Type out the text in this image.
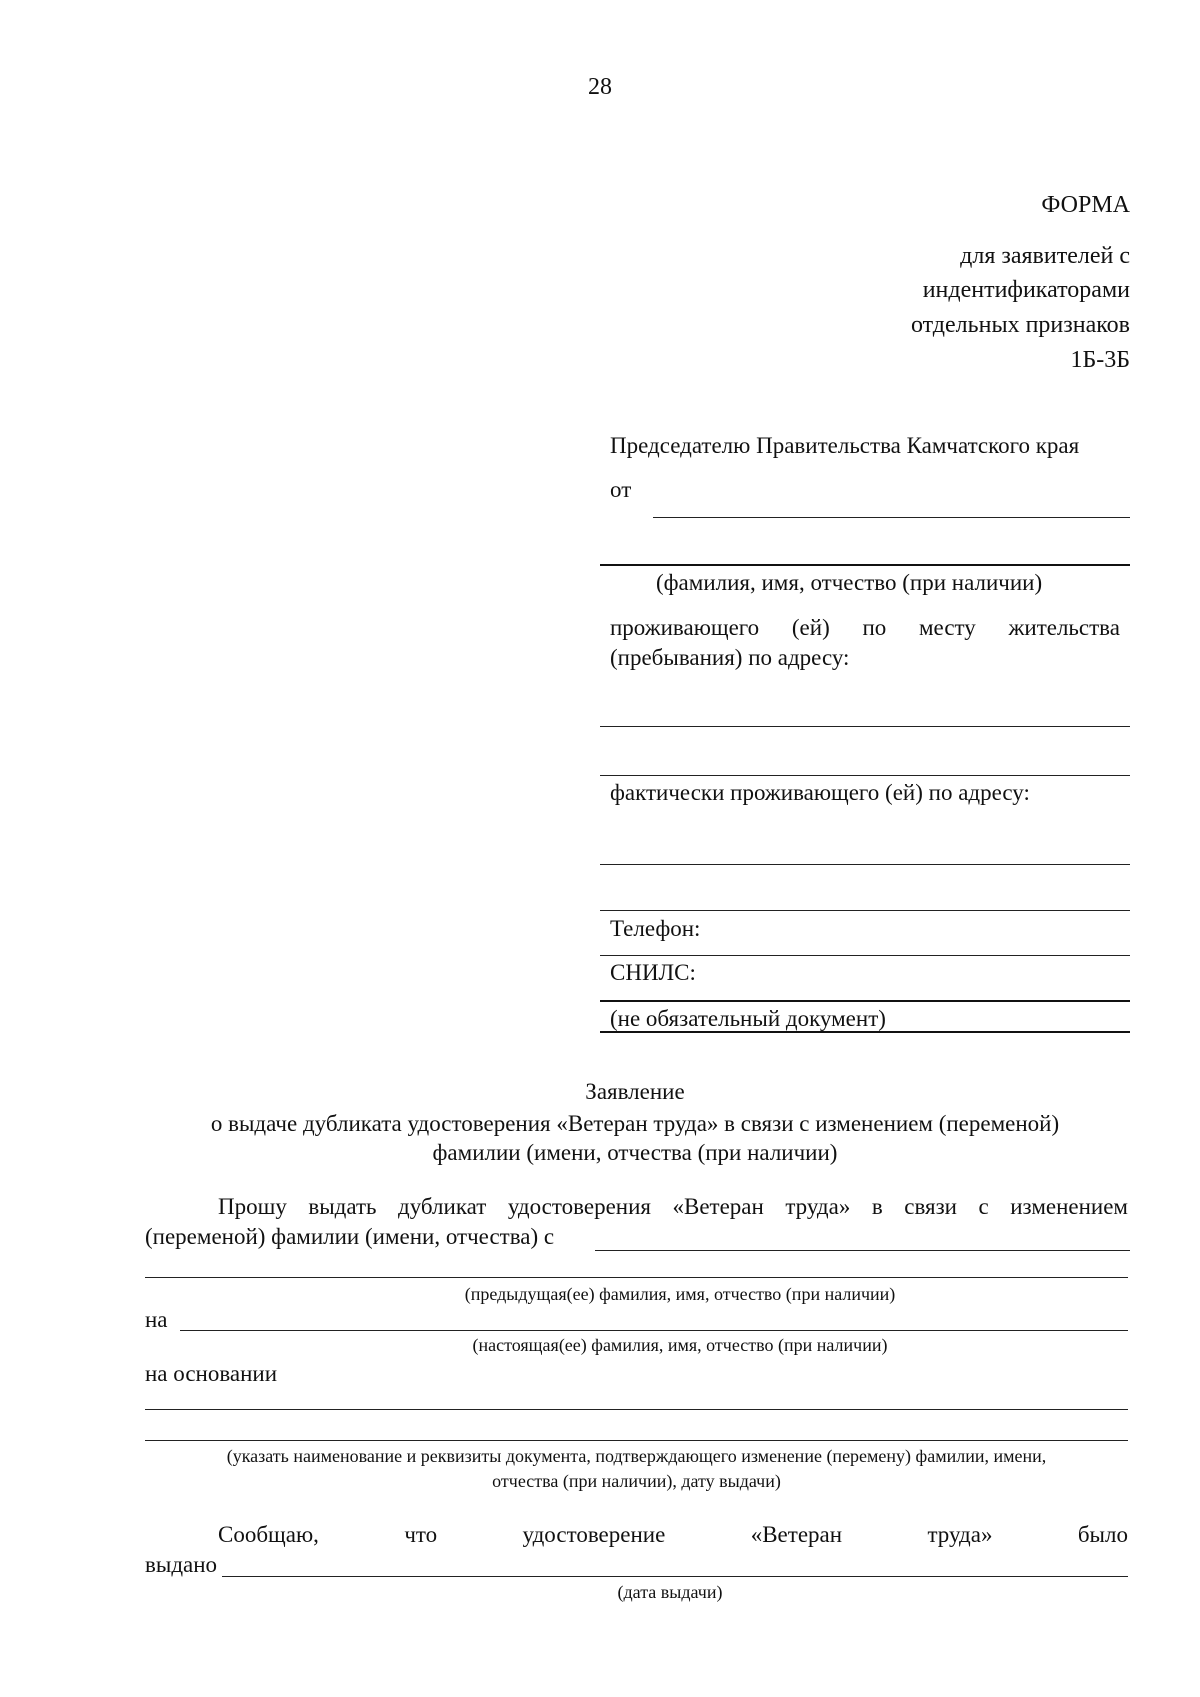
28
ФОРМА
для заявителей с
индентификаторами
отдельных признаков
1Б-3Б
Председателю Правительства Камчатского края
от
(фамилия, имя, отчество (при наличии)
проживающего (ей) по месту жительства
(пребывания) по адресу:
фактически проживающего (ей) по адресу:
Телефон:
СНИЛС:
(не обязательный документ)
Заявление
о выдаче дубликата удостоверения «Ветеран труда» в связи с изменением (переменой)
фамилии (имени, отчества (при наличии)
Прошу выдать дубликат удостоверения «Ветеран труда» в связи с изменением
(переменой) фамилии (имени, отчества) с
(предыдущая(ее) фамилия, имя, отчество (при наличии)
на
(настоящая(ее) фамилия, имя, отчество (при наличии)
на основании
(указать наименование и реквизиты документа, подтверждающего изменение (перемену) фамилии, имени,
отчества (при наличии), дату выдачи)
Сообщаю,	что	удостоверение	«Ветеран	труда»	было
выдано
(дата выдачи)
